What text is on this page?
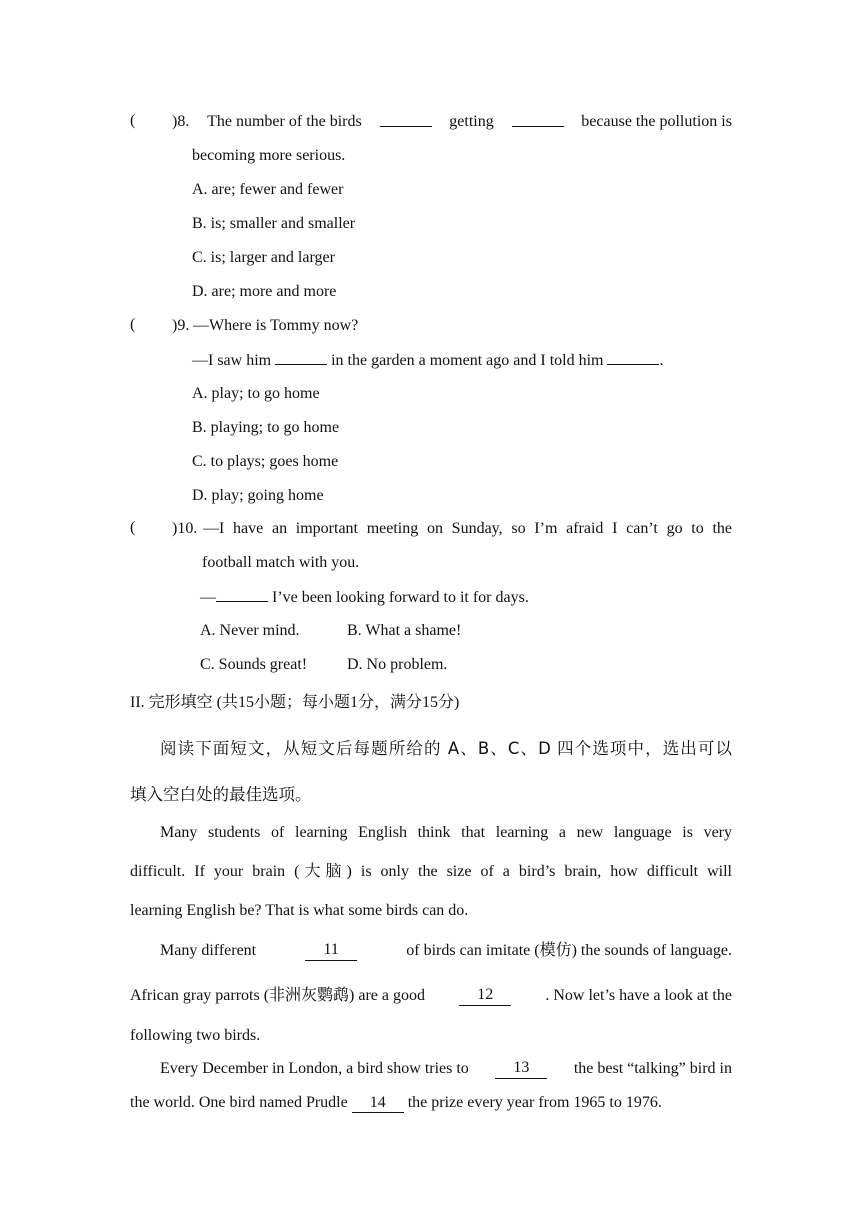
( )8. The number of the birds	getting	because the pollution is
becoming more serious.
A. are; fewer and fewer
B. is; smaller and smaller
C. is; larger and larger
D. are; more and more
( )9. —Where is Tommy now?
—I saw him	in the garden a moment ago and I told him	.
A. play; to go home
B. playing; to go home
C. to plays; goes home
D. play; going home
( )10. —I have an important meeting on Sunday, so I’m afraid I can’t go to the
football match with you.
—	I’ve been looking forward to it for days.
A. Never mind.	B. What a shame!
C. Sounds great! D. No problem.
II. 完形填空 (共15小题；每小题1分，满分15分)
阅读下面短文，从短文后每题所给的 A、B、C、D 四个选项中，选出可以
填入空白处的最佳选项。
Many students of learning English think that learning a new language is very
difficult. If your brain (大脑) is only the size of a bird’s brain, how difficult will
learning English be? That is what some birds can do.
Many different	11	of birds can imitate (模仿) the sounds of language.
African gray parrots (非洲灰鹦鹉) are a good	12	. Now let’s have a look at the
following two birds.
Every December in London, a bird show tries to	13	the best “talking” bird in
the world. One bird named Prudle 14 the prize every year from 1965 to 1976.
